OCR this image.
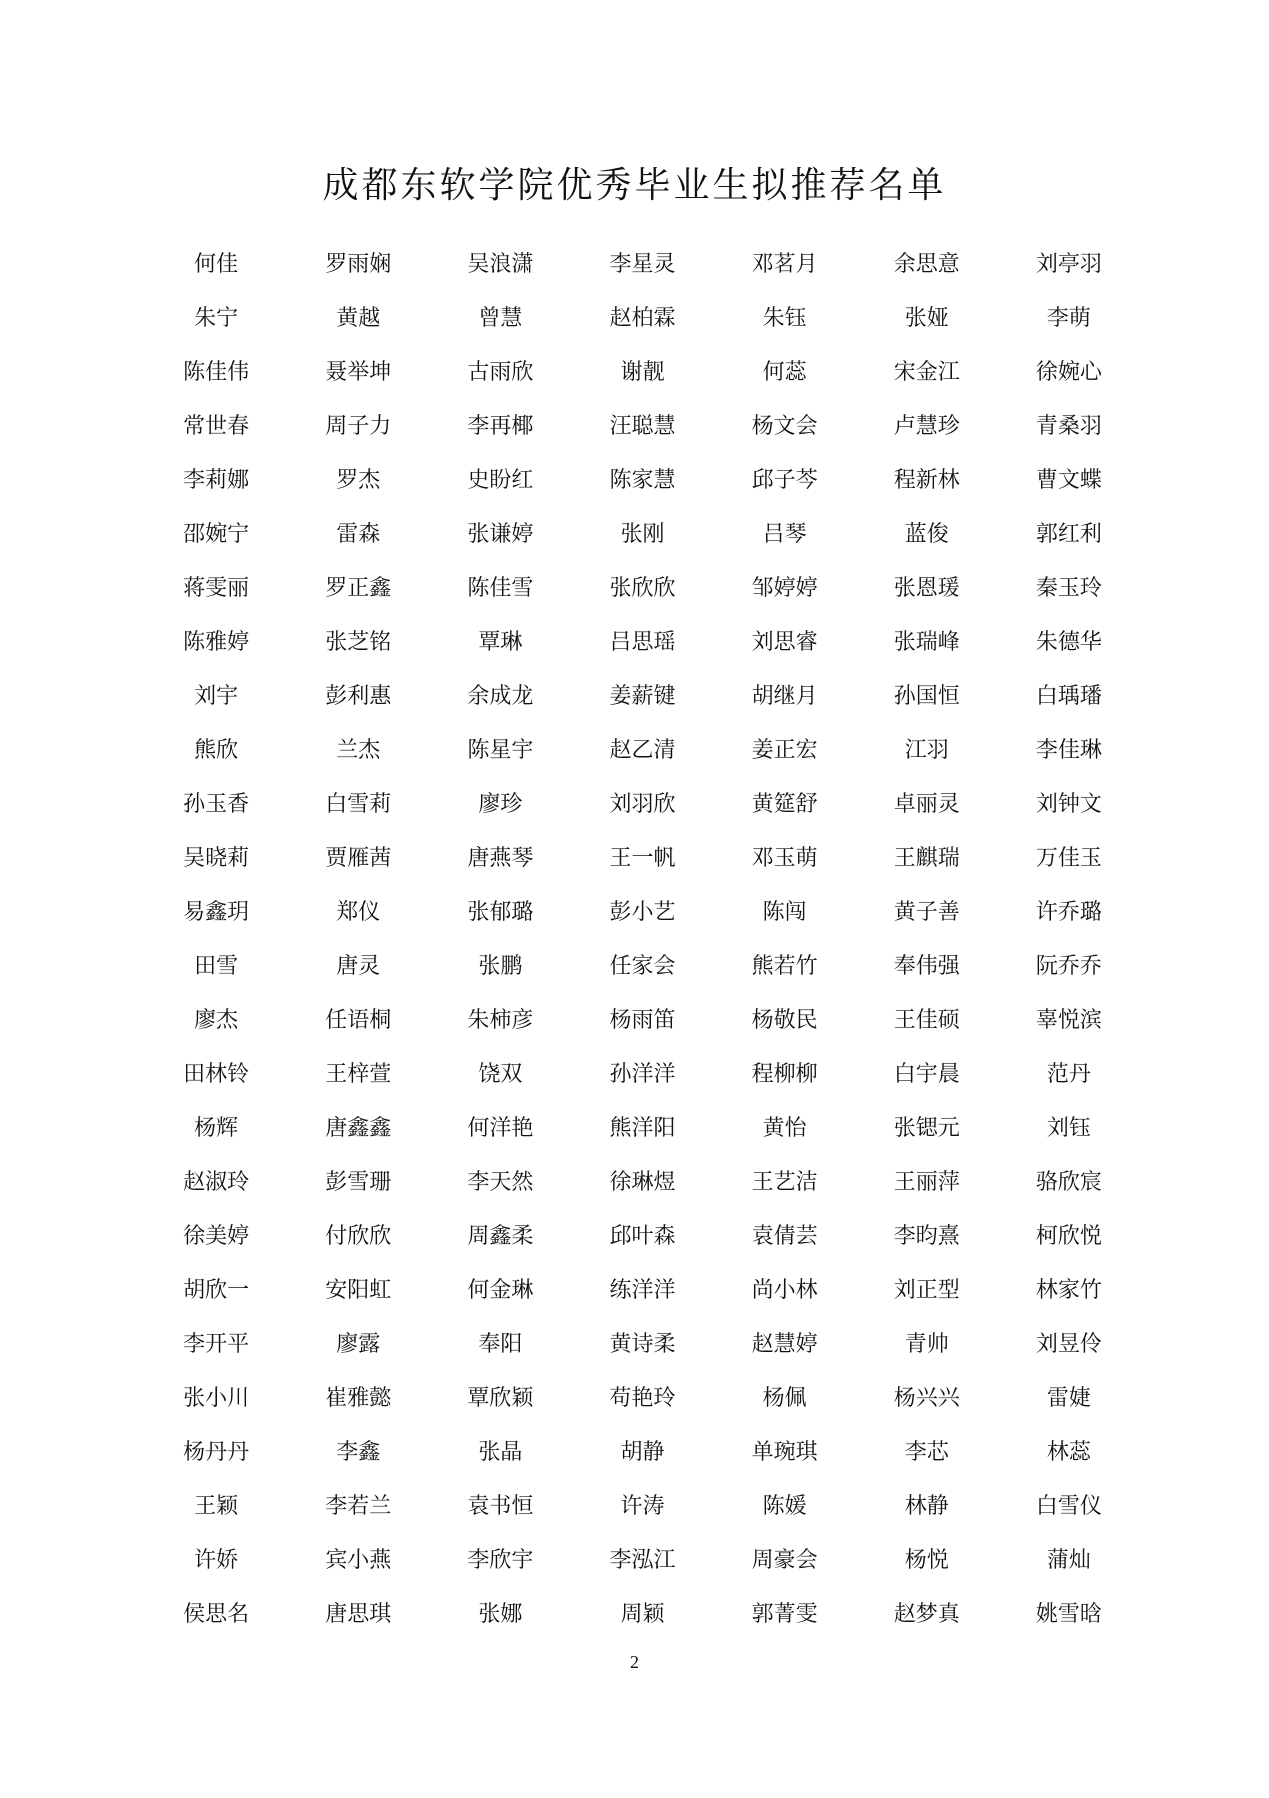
成都东软学院优秀毕业生拟推荐名单
何佳	罗雨娴	吴浪潇	李星灵	邓茗月	余思意	刘亭羽
朱宁	黄越	曾慧	赵柏霖	朱钰	张娅	李萌
陈佳伟	聂举坤	古雨欣	谢靓	何蕊	宋金江	徐婉心
常世春	周子力	李再椰	汪聪慧	杨文会	卢慧珍	青桑羽
李莉娜	罗杰	史盼红	陈家慧	邱子芩	程新林	曹文蝶
邵婉宁	雷森	张谦婷	张刚	吕琴	蓝俊	郭红利
蒋雯丽	罗正鑫	陈佳雪	张欣欣	邹婷婷	张恩瑗	秦玉玲
陈雅婷	张芝铭	覃琳	吕思瑶	刘思睿	张瑞峰	朱德华
刘宇	彭利惠	余成龙	姜薪键	胡继月	孙国恒	白瑀璠
熊欣	兰杰	陈星宇	赵乙清	姜正宏	江羽	李佳琳
孙玉香	白雪莉	廖珍	刘羽欣	黄筵舒	卓丽灵	刘钟文
吴晓莉	贾雁茜	唐燕琴	王一帆	邓玉萌	王麒瑞	万佳玉
易鑫玥	郑仪	张郁璐	彭小艺	陈闯	黄子善	许乔璐
田雪	唐灵	张鹏	任家会	熊若竹	奉伟强	阮乔乔
廖杰	任语桐	朱柿彦	杨雨笛	杨敬民	王佳硕	辜悦滨
田林铃	王梓萱	饶双	孙洋洋	程柳柳	白宇晨	范丹
杨辉	唐鑫鑫	何洋艳	熊洋阳	黄怡	张锶元	刘钰
赵淑玲	彭雪珊	李天然	徐琳煜	王艺洁	王丽萍	骆欣宸
徐美婷	付欣欣	周鑫柔	邱叶森	袁倩芸	李昀熹	柯欣悦
胡欣一	安阳虹	何金琳	练洋洋	尚小林	刘正型	林家竹
李开平	廖露	奉阳	黄诗柔	赵慧婷	青帅	刘昱伶
张小川	崔雅懿	覃欣颖	苟艳玲	杨佩	杨兴兴	雷婕
杨丹丹	李鑫	张晶	胡静	单琬琪	李芯	林蕊
王颖	李若兰	袁书恒	许涛	陈媛	林静	白雪仪
许娇	宾小燕	李欣宇	李泓江	周豪会	杨悦	蒲灿
侯思名	唐思琪	张娜	周颖	郭菁雯	赵梦真	姚雪晗
2
